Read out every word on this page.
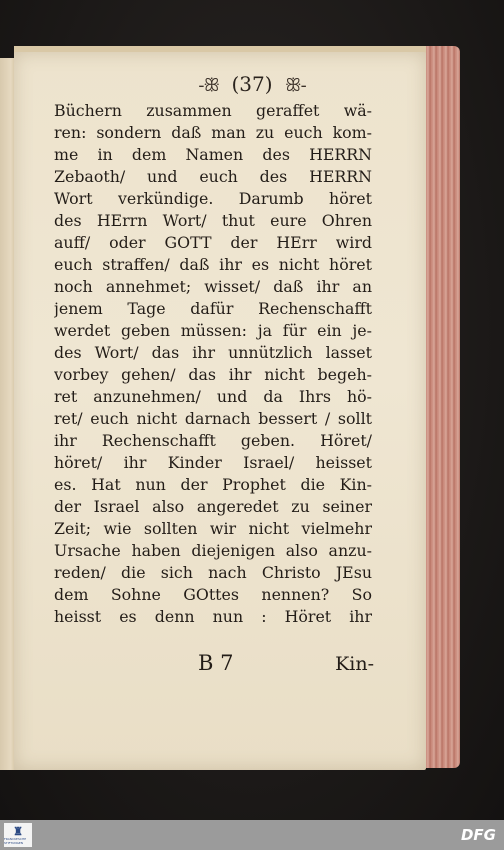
-ꕥ (37) ꕥ-
Büchern zusammen geraffet wä-
ren: sondern daß man zu euch kom-
me in dem Namen des HERRN
Zebaoth/ und euch des HERRN
Wort verkündige. Darumb höret
des HErrn Wort/ thut eure Ohren
auff/ oder GOTT der HErr wird
euch straffen/ daß ihr es nicht höret
noch annehmet; wisset/ daß ihr an
jenem Tage dafür Rechenschafft
werdet geben müssen: ja für ein je-
des Wort/ das ihr unnützlich lasset
vorbey gehen/ das ihr nicht begeh-
ret anzunehmen/ und da Ihrs hö-
ret/ euch nicht darnach bessert / sollt
ihr Rechenschafft geben. Höret/
höret/ ihr Kinder Israel/ heisset
es. Hat nun der Prophet die Kin-
der Israel also angeredet zu seiner
Zeit; wie sollten wir nicht vielmehr
Ursache haben diejenigen also anzu-
reden/ die sich nach Christo JEsu
dem Sohne GOttes nennen? So
heisst es denn nun : Höret ihr
B 7	Kin-
♜
FRANCKESCHE STIFTUNGEN	DFG
